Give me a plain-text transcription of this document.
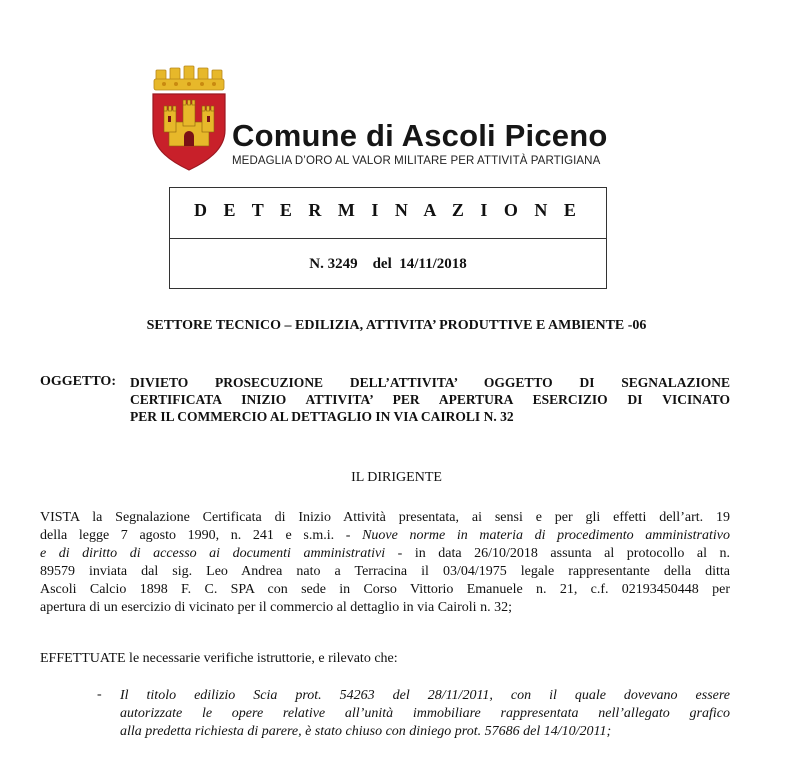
Comune di Ascoli Piceno
MEDAGLIA D’ORO AL VALOR MILITARE PER ATTIVITÀ PARTIGIANA
D E T E R M I N A Z I O N E
N. 3249 del  14/11/2018
SETTORE TECNICO – EDILIZIA, ATTIVITA’ PRODUTTIVE E AMBIENTE -06
OGGETTO: DIVIETO PROSECUZIONE DELL’ATTIVITA’ OGGETTO DI SEGNALAZIONE
CERTIFICATA INIZIO ATTIVITA’ PER APERTURA ESERCIZIO DI VICINATO
PER IL COMMERCIO AL DETTAGLIO IN VIA CAIROLI N. 32
IL DIRIGENTE
VISTA la Segnalazione Certificata di Inizio Attività presentata, ai sensi e per gli effetti dell’art. 19
della legge 7 agosto 1990, n. 241 e s.m.i. - Nuove norme in materia di procedimento amministrativo
e di diritto di accesso ai documenti amministrativi - in data 26/10/2018 assunta al protocollo al n.
89579 inviata dal sig. Leo Andrea nato a Terracina il 03/04/1975 legale rappresentante della ditta
Ascoli Calcio 1898 F. C. SPA con sede in Corso Vittorio Emanuele n. 21, c.f. 02193450448 per
apertura di un esercizio di vicinato per il commercio al dettaglio in via Cairoli n. 32;
EFFETTUATE le necessarie verifiche istruttorie, e rilevato che:
- Il titolo edilizio Scia prot. 54263 del 28/11/2011, con il quale dovevano essere
autorizzate le opere relative all’unità immobiliare rappresentata nell’allegato grafico
alla predetta richiesta di parere, è stato chiuso con diniego prot. 57686 del 14/10/2011;
